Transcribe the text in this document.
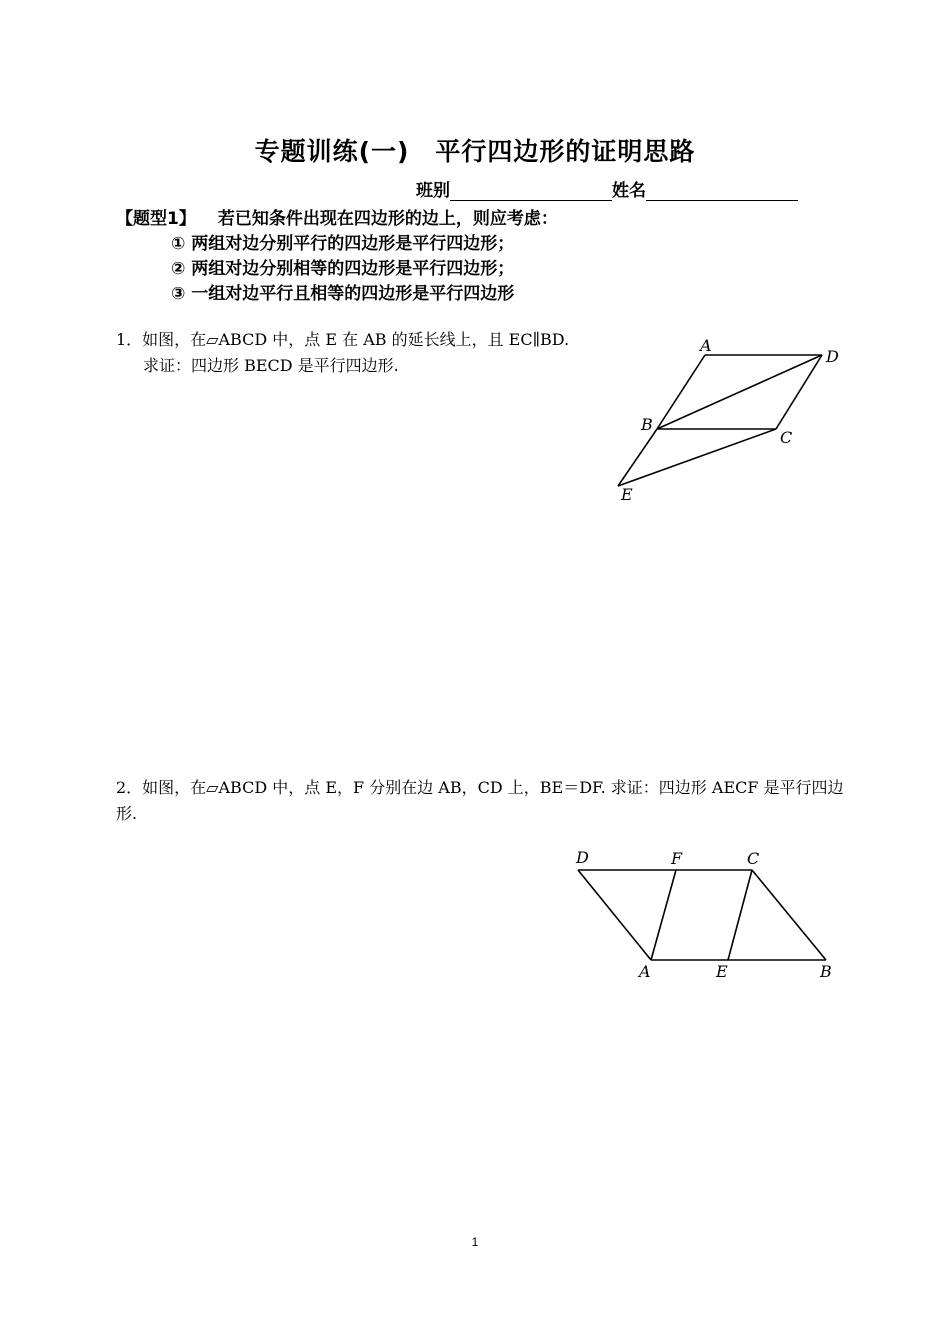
专题训练(一) 平行四边形的证明思路
班别	姓名
【题型1】 若已知条件出现在四边形的边上，则应考虑：
① 两组对边分别平行的四边形是平行四边形；
② 两组对边分别相等的四边形是平行四边形；
③ 一组对边平行且相等的四边形是平行四边形
1．如图，在▱ABCD 中，点 E 在 AB 的延长线上，且 EC∥BD.
求证：四边形 BECD 是平行四边形.
A
D
B
C
E
2．如图，在▱ABCD 中，点 E，F 分别在边 AB，CD 上，BE＝DF. 求证：四边形 AECF 是平行四边
形.
D	F	C
A	E	B
1
